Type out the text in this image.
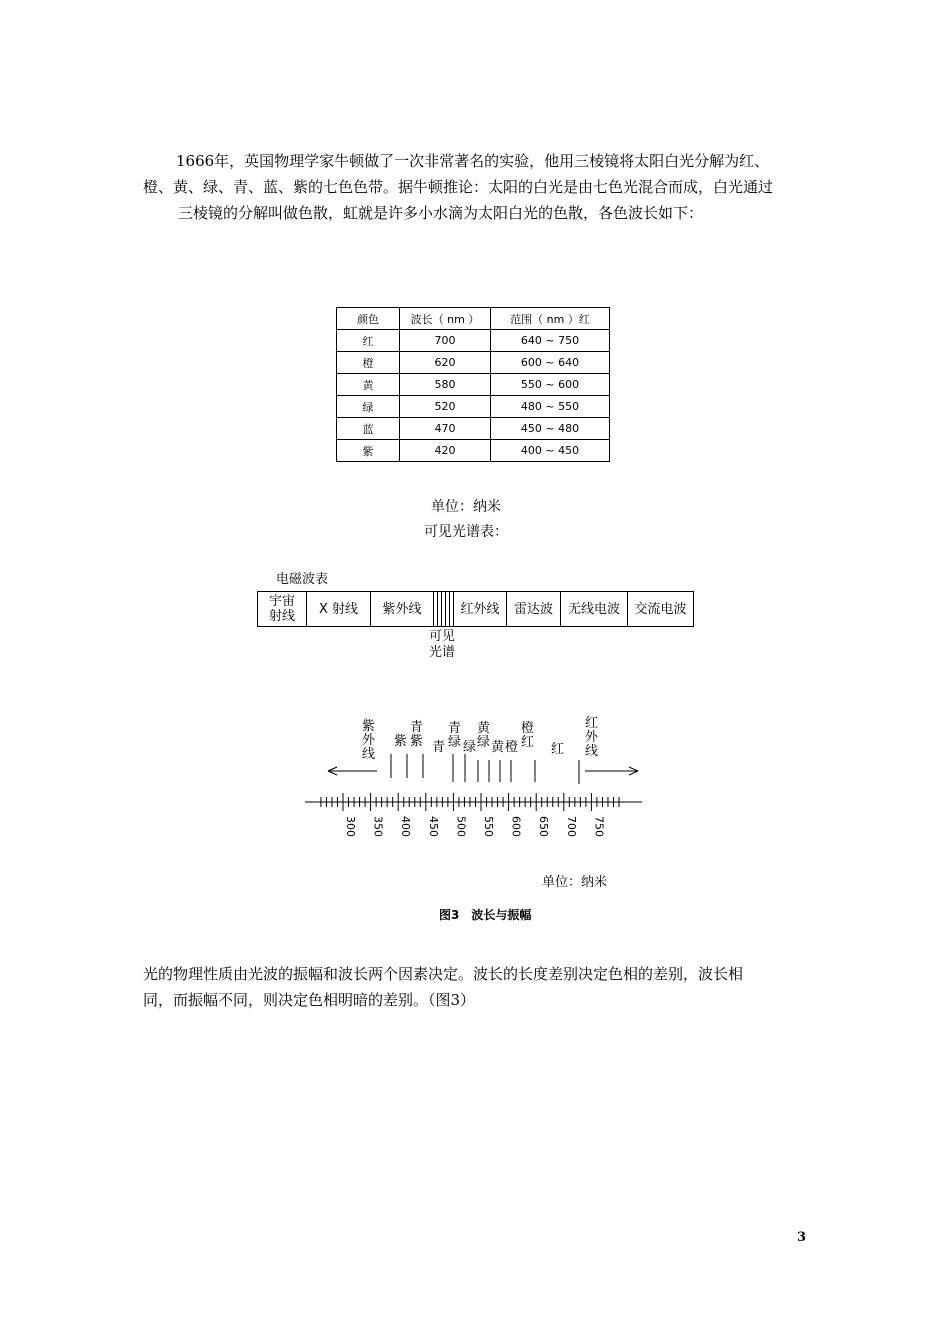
1666年，英国物理学家牛顿做了一次非常著名的实验，他用三棱镜将太阳白光分解为红、
橙、黄、绿、青、蓝、紫的七色色带。据牛顿推论：太阳的白光是由七色光混合而成，白光通过
三棱镜的分解叫做色散，虹就是许多小水滴为太阳白光的色散，各色波长如下：
颜色	波长（ nm ）	范围（ nm ）红
红	700	640 ~ 750
橙	620	600 ~ 640
黄	580	550 ~ 600
绿	520	480 ~ 550
蓝	470	450 ~ 480
紫	420	400 ~ 450
单位：纳米
可见光谱表：
电磁波表
宇宙
射线 X 射线 紫外线	红外线 雷达波 无线电波 交流电波
可见
光谱
300 350 400 450 500 550 600 650 700 750
紫
外
线
紫
青
紫 青
青
绿 绿
黄
绿 黄 橙
橙
红 红
红
外
线
单位：纳米
图3　波长与振幅
光的物理性质由光波的振幅和波长两个因素决定。波长的长度差别决定色相的差别，波长相
同，而振幅不同，则决定色相明暗的差别。（图3）
3
